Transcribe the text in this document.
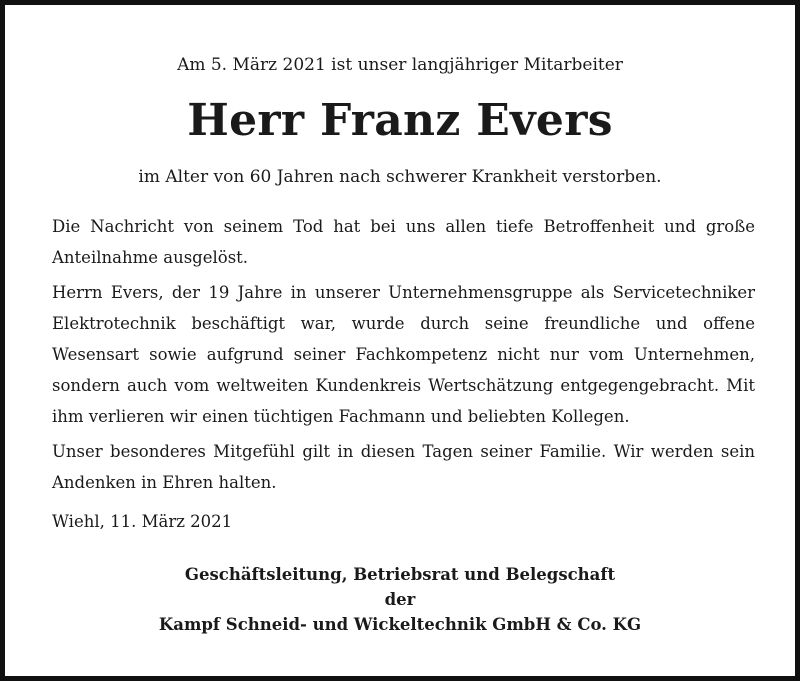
Am 5. März 2021 ist unser langjähriger Mitarbeiter
Herr Franz Evers
im Alter von 60 Jahren nach schwerer Krankheit verstorben.

Die Nachricht von seinem Tod hat bei uns allen tiefe Betroffenheit und große Anteilnahme ausgelöst.

Herrn Evers, der 19 Jahre in unserer Unternehmensgruppe als Servicetechniker Elektrotechnik beschäftigt war, wurde durch seine freundliche und offene Wesensart sowie aufgrund seiner Fachkompetenz nicht nur vom Unternehmen, sondern auch vom weltweiten Kundenkreis Wertschätzung entgegengebracht. Mit ihm verlieren wir einen tüchtigen Fachmann und beliebten Kollegen.

Unser besonderes Mitgefühl gilt in diesen Tagen seiner Familie. Wir werden sein Andenken in Ehren halten.

Wiehl, 11. März 2021
Geschäftsleitung, Betriebsrat und Belegschaft
der
Kampf Schneid- und Wickeltechnik GmbH & Co. KG
